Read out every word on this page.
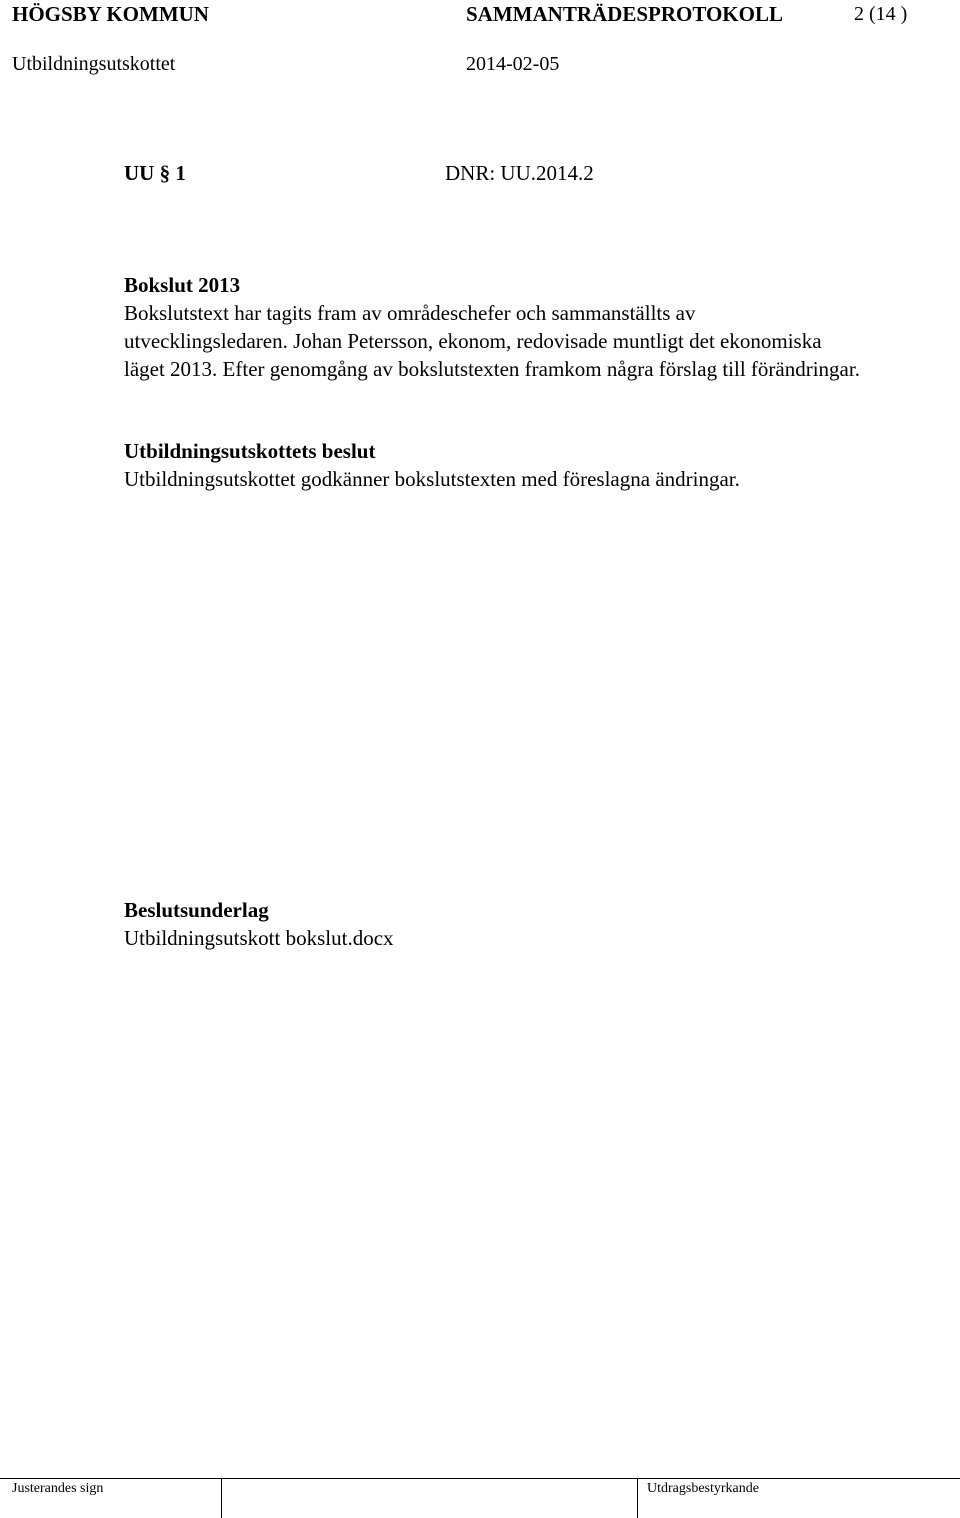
HÖGSBY KOMMUN	SAMMANTRÄDESPROTOKOLL	2 (14 )
Utbildningsutskottet	2014-02-05
UU § 1	DNR: UU.2014.2
Bokslut 2013
Bokslutstext har tagits fram av områdeschefer och sammanställts av utvecklingsledaren. Johan Petersson, ekonom, redovisade muntligt det ekonomiska läget 2013. Efter genomgång av bokslutstexten framkom några förslag till förändringar.
Utbildningsutskottets beslut
Utbildningsutskottet godkänner bokslutstexten med föreslagna ändringar.
Beslutsunderlag
Utbildningsutskott bokslut.docx
Justerandes sign	Utdragsbestyrkande
